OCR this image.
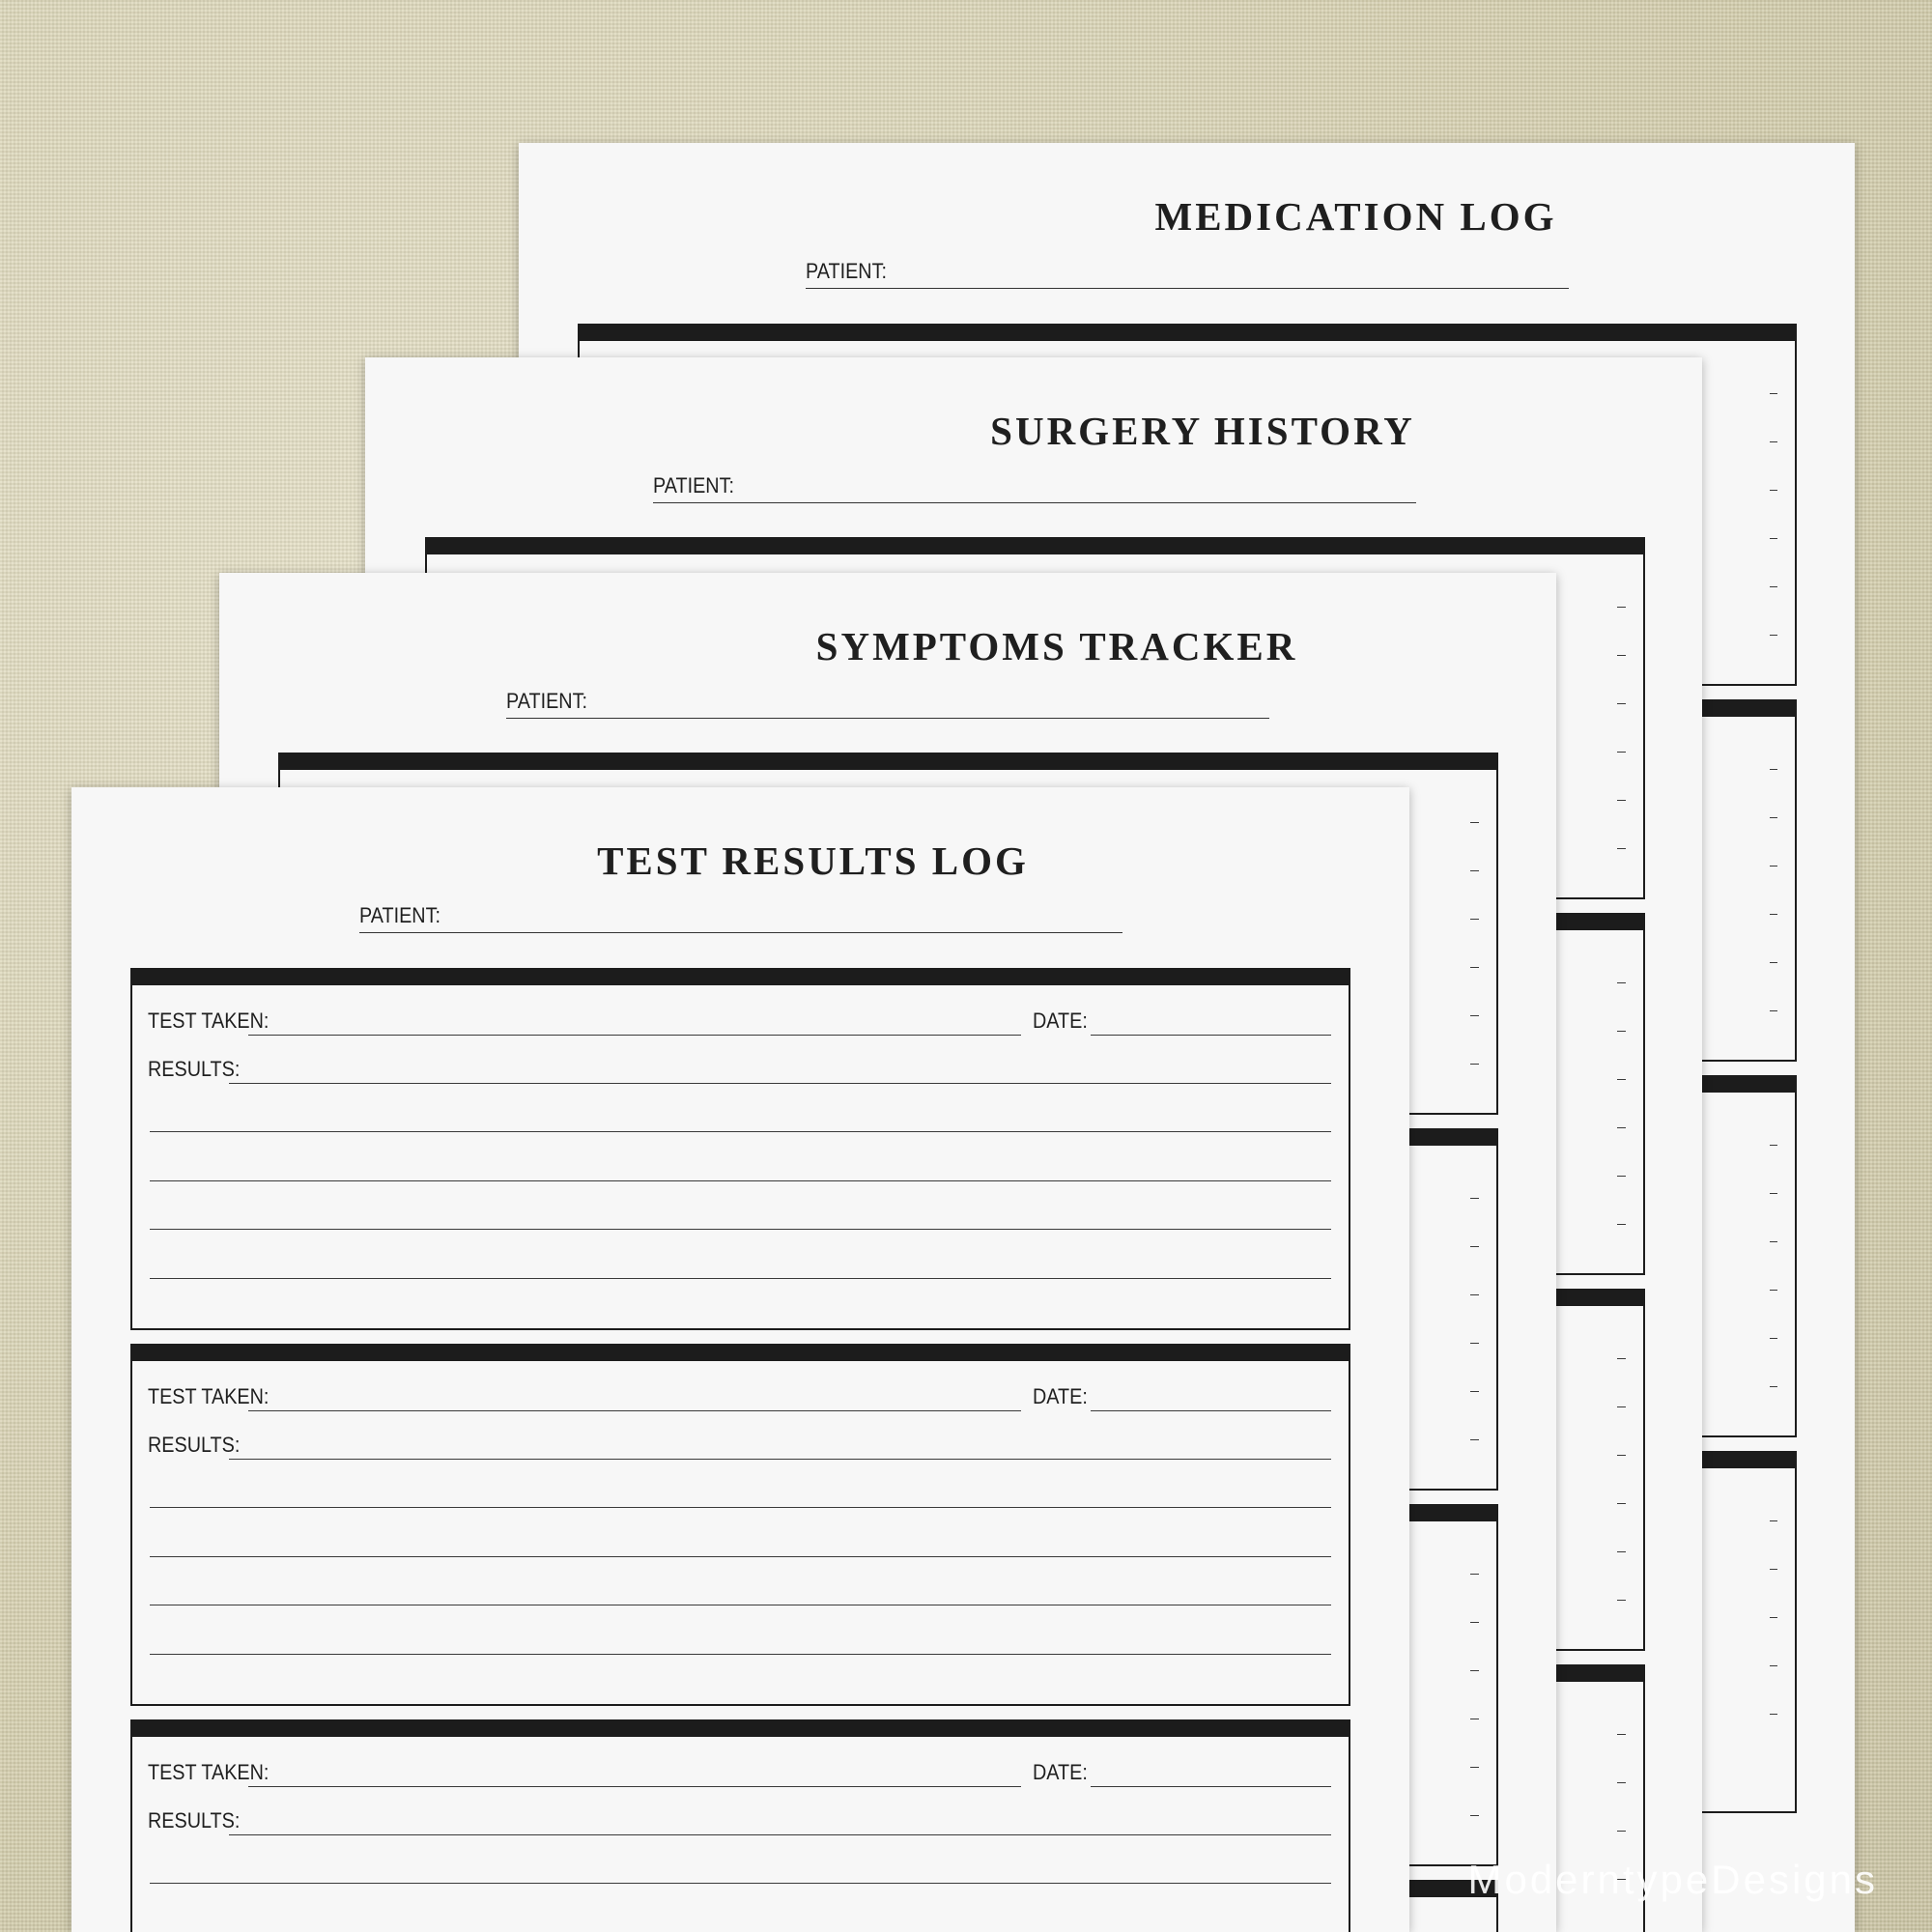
MEDICATION LOG
PATIENT:
SURGERY HISTORY
PATIENT:
SYMPTOMS TRACKER
PATIENT:
TEST RESULTS LOG
PATIENT:
TEST TAKEN:	DATE:
RESULTS:
TEST TAKEN:	DATE:
RESULTS:
TEST TAKEN:	DATE:
RESULTS:
ModerntypeDesigns
